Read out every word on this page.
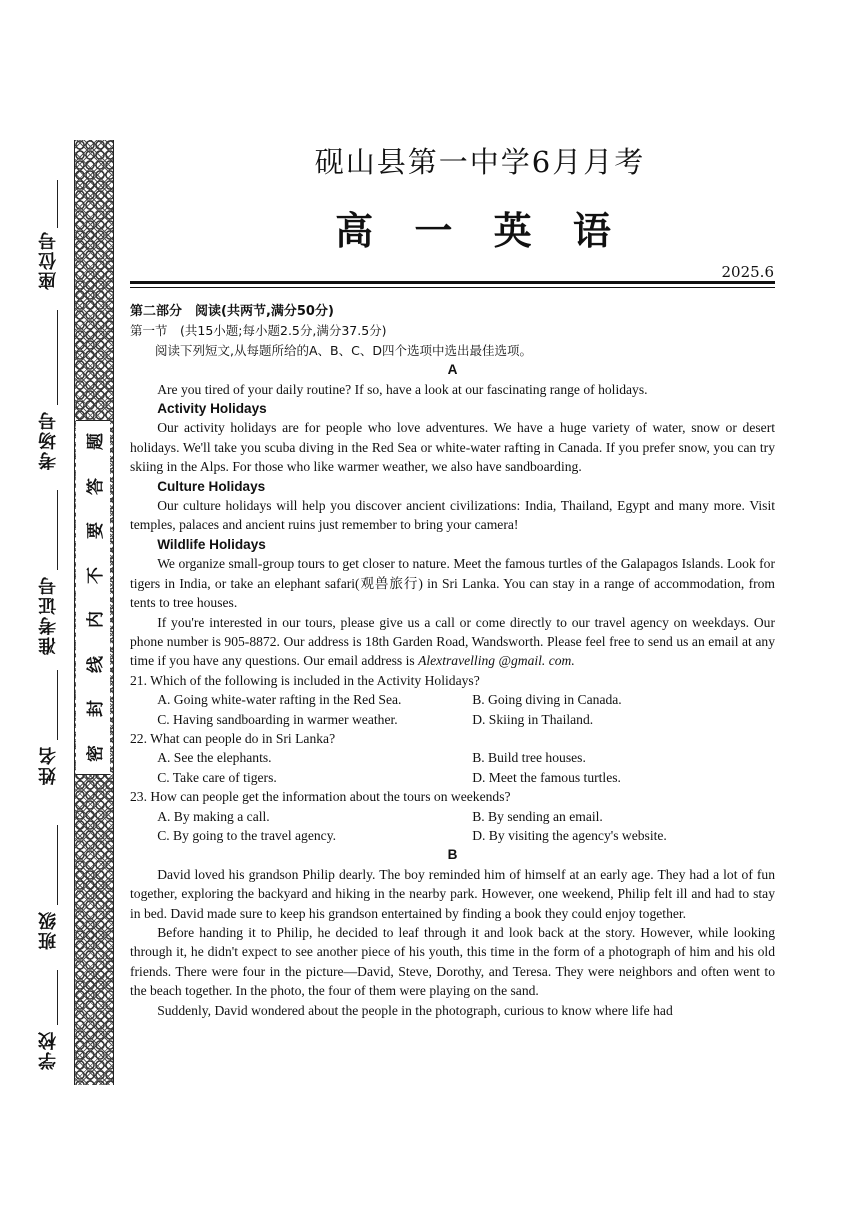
座位号
考场号
准考证号
姓名
班级
学校
题
答
要
不
内
线
封
密
砚山县第一中学6月月考
高 一 英 语
2025.6
第二部分　阅读(共两节,满分50分)
第一节　(共15小题;每小题2.5分,满分37.5分)
阅读下列短文,从每题所给的A、B、C、D四个选项中选出最佳选项。
A

Are you tired of your daily routine? If so, have a look at our fascinating range of holidays.

Activity Holidays

Our activity holidays are for people who love adventures. We have a huge variety of water, snow or desert holidays. We'll take you scuba diving in the Red Sea or white-water rafting in Canada. If you prefer snow, you can try skiing in the Alps. For those who like warmer weather, we also have sandboarding.

Culture Holidays

Our culture holidays will help you discover ancient civilizations: India, Thailand, Egypt and many more. Visit temples, palaces and ancient ruins just remember to bring your camera!

Wildlife Holidays

We organize small-group tours to get closer to nature. Meet the famous turtles of the Galapagos Islands. Look for tigers in India, or take an elephant safari(观兽旅行) in Sri Lanka. You can stay in a range of accommodation, from tents to tree houses.

If you're interested in our tours, please give us a call or come directly to our travel agency on weekdays. Our phone number is 905-8872. Our address is 18th Garden Road, Wandsworth. Please feel free to send us an email at any time if you have any questions. Our email address is Alextravelling @gmail. com.

21. Which of the following is included in the Activity Holidays?

A. Going white-water rafting in the Red Sea.	B. Going diving in Canada.
C. Having sandboarding in warmer weather.	D. Skiing in Thailand.

22. What can people do in Sri Lanka?

A. See the elephants.	B. Build tree houses.
C. Take care of tigers.	D. Meet the famous turtles.

23. How can people get the information about the tours on weekends?

A. By making a call.	B. By sending an email.
C. By going to the travel agency.	D. By visiting the agency's website.
B

David loved his grandson Philip dearly. The boy reminded him of himself at an early age. They had a lot of fun together, exploring the backyard and hiking in the nearby park. However, one weekend, Philip felt ill and had to stay in bed. David made sure to keep his grandson entertained by finding a book they could enjoy together.

Before handing it to Philip, he decided to leaf through it and look back at the story. However, while looking through it, he didn't expect to see another piece of his youth, this time in the form of a photograph of him and his old friends. There were four in the picture—David, Steve, Dorothy, and Teresa. They were neighbors and often went to the beach together. In the photo, the four of them were playing on the sand.

Suddenly, David wondered about the people in the photograph, curious to know where life had
